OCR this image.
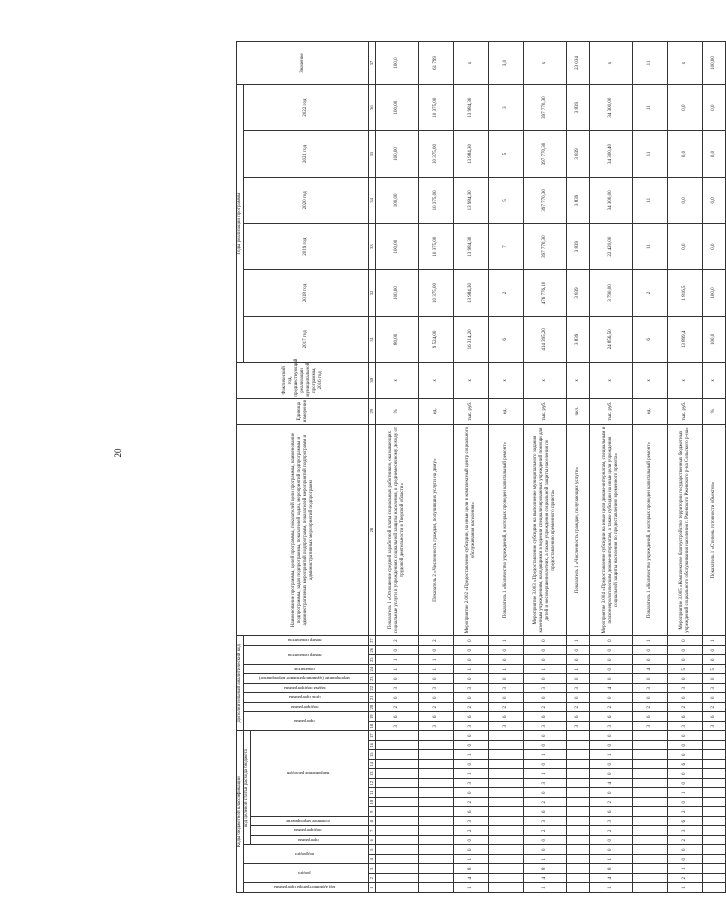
20
Коды бюджетной классификации																	Дополнительный аналитический код										Наименование программы, целей программы, показателей цели программы, наименование подпрограммы, задач подпрограммы, показателей задач, мероприятий подпрограммы и административных мероприятий подпрограмм, показателей мероприятий подпрограмм и административных мероприятий подпрограмм	Единица измерения	Фактический год, предшествующий реализации муниципальной программы, 2016 год	Годы реализации программы						Значение
код администратора программы	раздел		подраздел		код целевой статьи расхода бюджета												программа		подпрограмма	цель программы	задача подпрограммы	мероприятие (административное мероприятие)	показатель	номер показателя		номер показателя				2017 год	2018 год	2019 год	2020 год	2021 год	2022 год	
					программа	подпрограмма	основное мероприятие	направление расходов																												
1	2	3	4	5	6	7	8	9	10	11	12	13	14	15	16	17	18	19	20	21	22	23	24	25	26	27	28	29	30	31	32	33	34	35	36	37
																	3	6	2	0	3	0	1	1	0	2	Показатель 1 «Отношение средней заработной платы социальных работников, оказывающих социальные услуги в учреждениях социальной защиты населения, к среднемесячному доходу от трудовой деятельности в Тверской области»	%	х	80,00	100,00	100,00	100,00	100,00	100,00	100,0
																	3	6	2	0	3	0	1	1	0	2	Показатель 2 «Численность граждан, получивших услуги на дому»	ед.	х	9 524,00	10 375,00	10 375,00	10 375,00	10 375,00	10 375,00	61 799
1	4	8	1	0	0	2	3	6	2	0	3	1	0	1	0	0	3	6	2	0	3	0	1	0	0	0	Мероприятие 2.002 «Предоставление субсидии, на иные цели в комплексный центр социального обслуживания населения»	тыс. руб.	х	16 314,20	13 984,30	13 984,30	13 984,30	13 984,30	13 984,30	х
																	3	6	2	0	3	0	1	0	0	1	Показатель 1 «Количество учреждений, в которых проведен капитальный ремонт»	ед.	х	6	2	7	5	5	3	3,0
1	4	8	1	0	0	2	3	6	2	0	3	1	0	1	0	0	3	6	2	0	3	0	1	0	0	0	Мероприятие 3.003 «Предоставление субсидии на выполнение муниципального задания казенным учреждениям, находящимся в ведении специализированных учреждений помощи для детей и несовершеннолетних, а также учреждения социальной защиты населения по предоставлению временного приюта»	тыс. руб.	х	414 395,20	476 776,10	397 770,30	397 770,30	397 770,30	397 770,30	х
																	3	6	2	0	3	0	1	0	0	1	Показатель 1 «Численность граждан, получающих услуги»	чел.	х	3 839	3 839	3 839	3 839	3 839	3 839	23 034
1	4	8	1	0	0	2	3	6	2	0	4	0	0	1	0	0	3	6	2	0	4	0	0	0	0	0	Мероприятие 3.004 «Предоставление субсидии на иные цели домам-интернатам, специальным и психоневрологическим домам-интернатам, а также субсидии на иные цели учреждения социальной защиты населения по предоставлению временного приюта»	тыс. руб.	х	24 856,50	3 790,00	22 420,00	34 300,00	34 300,40	34 300,00	х
																	3	6	2	0	3	0	4	0	0	1	Показатель 1 «Количество учреждений, в которых проведен капитальный ремонт»	ед.	х	6	2	11	11	11	11	11
1	2	1	0	0	2	3	6	2	0	1	0	0	6	0	0	0	3	6	2	0	3	0	5	0	0	0	Мероприятие 3.005 «Комплексное благоустройство территории государственных бюджетных учреждений социального обслуживания населения г. Ржевского Ржевского р-на Сельского р-на»	тыс. руб.	х	13 899,4	1 816,5	0,0	0,0	0,0	0,0	х
																	3	6	2	0	3	0	5	0	0	1	Показатель 1 «Степень готовности объектов»	%	х	100,0	100,0	0,0	0,0	0,0	0,0	100,00
